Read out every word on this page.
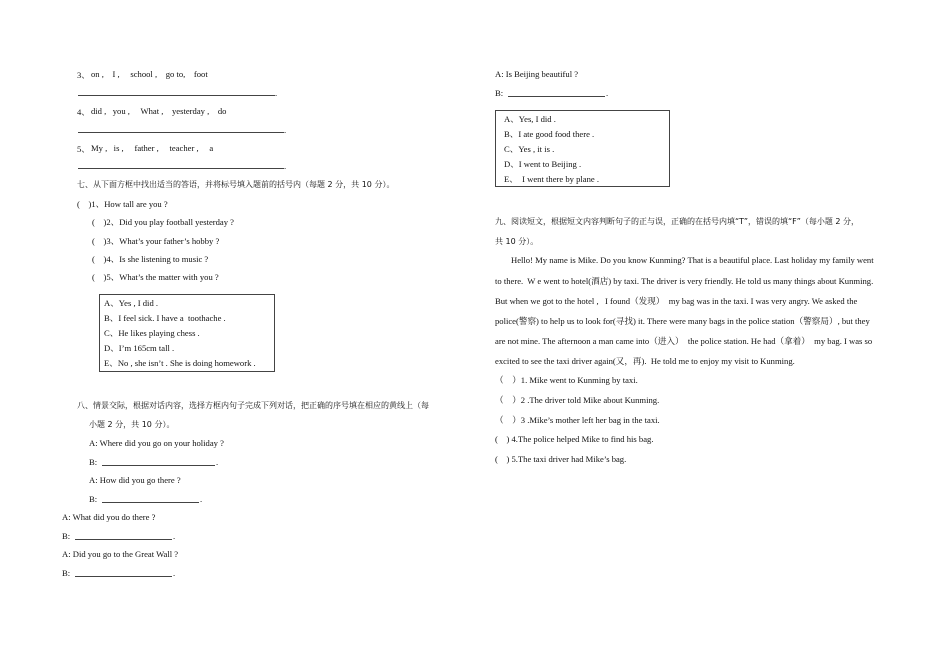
3、 on ,    I ,     school ,    go to,    foot
.
4、 did ,   you ,     What ,    yesterday ,    do
.
5、 My ,   is ,     father ,     teacher ,     a
.
七、从下面方框中找出适当的答语，并将标号填入题前的括号内（每题 2 分，共 10 分）。
(    )1、How tall are you ?
(    )2、Did you play football yesterday ?
(    )3、What’s your father’s hobby ?
(    )4、Is she listening to music ?
(    )5、What’s the matter with you ?
A、Yes , I did .
B、I feel sick. I have a  toothache .
C、He likes playing chess .
D、I’m 165cm tall .
E、No , she isn’t . She is doing homework .
八、情景交际，根据对话内容，选择方框内句子完成下列对话，把正确的序号填在相应的黄线上（每
小题 2 分，共 10 分）。
A: Where did you go on your holiday ?
B:	.
A: How did you go there ?
B:	.
A: What did you do there ?
B:	.
A: Did you go to the Great Wall ?
B:	.
A: Is Beijing beautiful ?
B:	.
A、Yes, I did .
B、I ate good food there .
C、Yes , it is .
D、I went to Beijing .
E、  I went there by plane .
九、阅读短文，根据短文内容判断句子的正与误，正确的在括号内填“T”，错误的填“F”（每小题 2 分，
共 10 分）。
Hello! My name is Mike. Do you know Kunming? That is a beautiful place. Last holiday my family went
to there.  W e went to hotel(酒店) by taxi. The driver is very friendly. He told us many things about Kunming.
But when we got to the hotel ,   I found（发现）  my bag was in the taxi. I was very angry. We asked the
police(警察) to help us to look for(寻找) it. There were many bags in the police station（警察局）, but they
are not mine. The afternoon a man came into（进入）  the police station. He had（拿着）  my bag. I was so
excited to see the taxi driver again(又，再).  He told me to enjoy my visit to Kunming.
（    ）1. Mike went to Kunming by taxi.
（    ）2 .The driver told Mike about Kunming.
（    ）3 .Mike’s mother left her bag in the taxi.
(    ) 4.The police helped Mike to find his bag.
(    ) 5.The taxi driver had Mike’s bag.
